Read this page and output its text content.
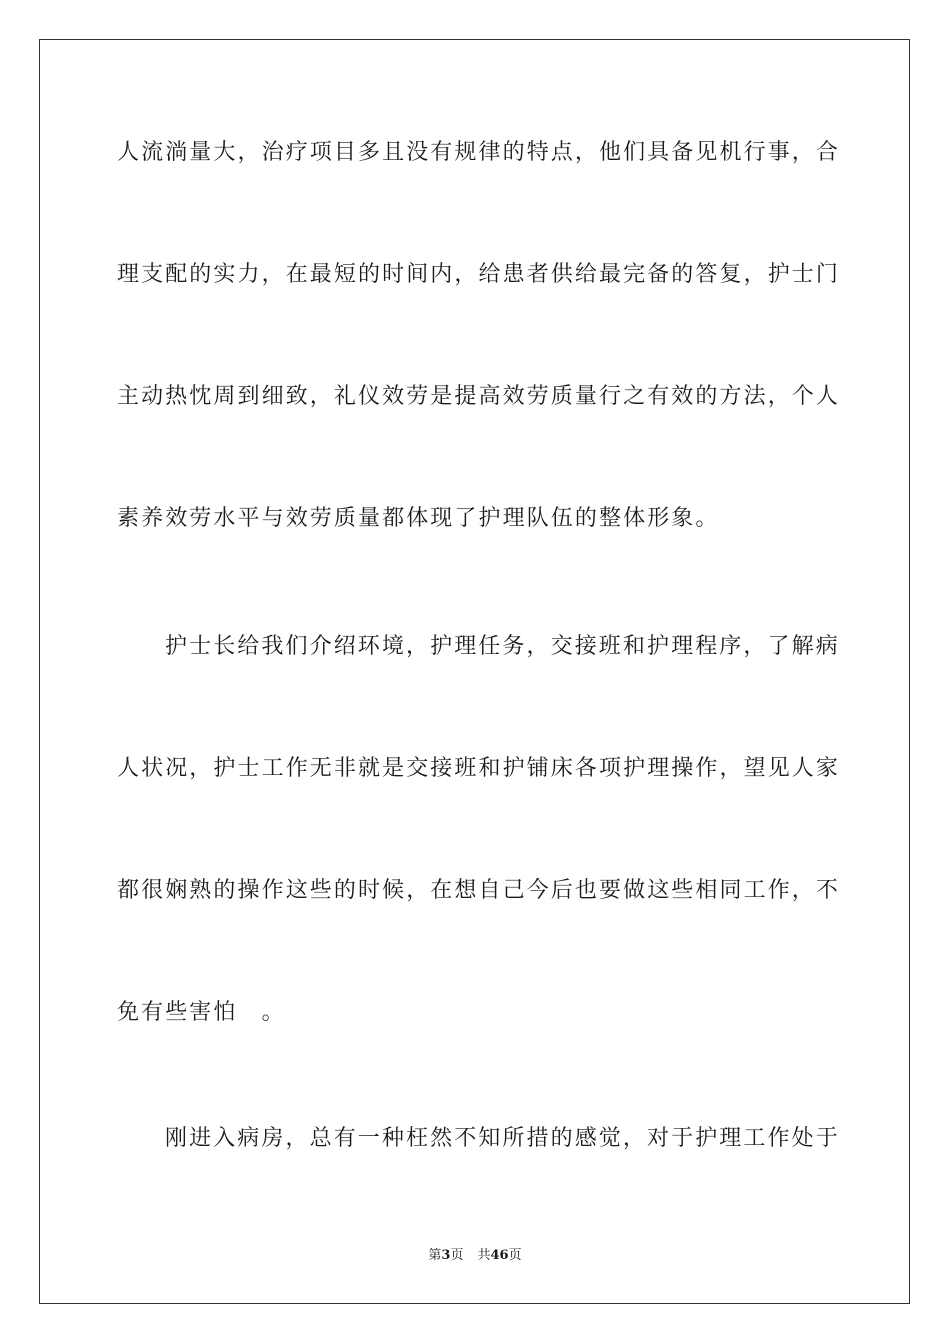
人流淌量大，治疗项目多且没有规律的特点，他们具备见机行事，合
理支配的实力，在最短的时间内，给患者供给最完备的答复，护士门
主动热忱周到细致，礼仪效劳是提高效劳质量行之有效的方法，个人
素养效劳水平与效劳质量都体现了护理队伍的整体形象。
护士长给我们介绍环境，护理任务，交接班和护理程序，了解病
人状况，护士工作无非就是交接班和护铺床各项护理操作，望见人家
都很娴熟的操作这些的时候，在想自己今后也要做这些相同工作，不
免有些害怕　。
刚进入病房，总有一种枉然不知所措的感觉，对于护理工作处于
第3页 共46页
